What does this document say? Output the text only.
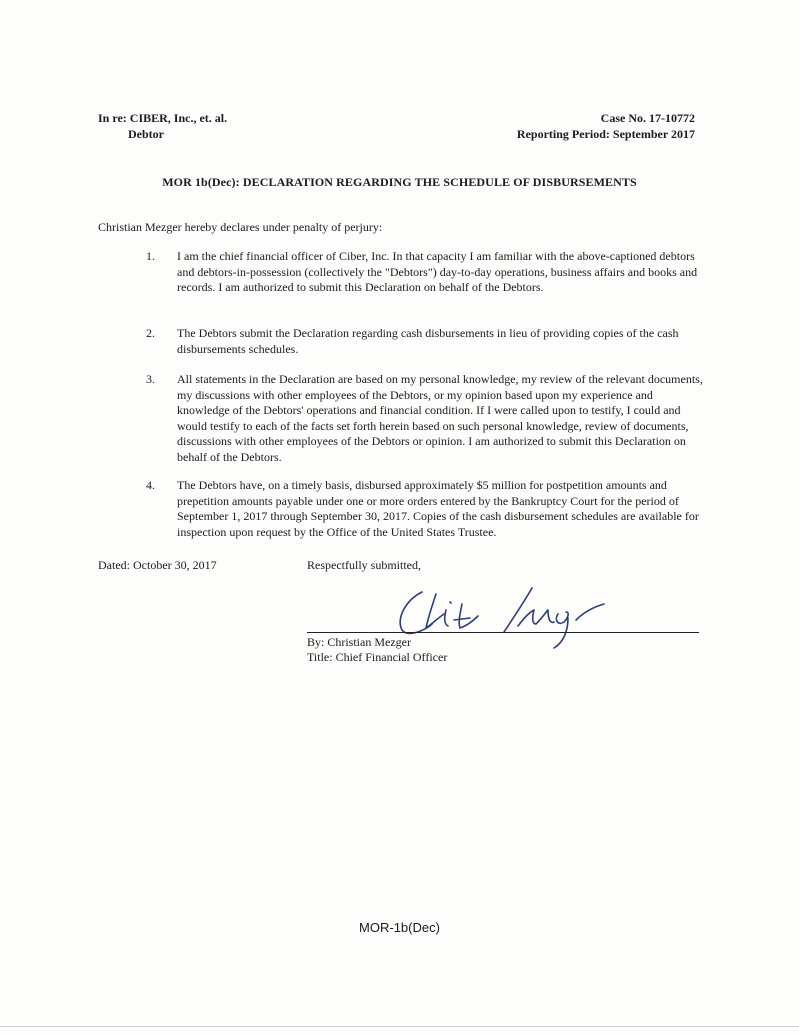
In re: CIBER, Inc., et. al.
Debtor
Case No. 17-10772
Reporting Period: September 2017
MOR 1b(Dec): DECLARATION REGARDING THE SCHEDULE OF DISBURSEMENTS
Christian Mezger hereby declares under penalty of perjury:
1. I am the chief financial officer of Ciber, Inc. In that capacity I am familiar with the above-captioned debtors and debtors-in-possession (collectively the "Debtors") day-to-day operations, business affairs and books and records. I am authorized to submit this Declaration on behalf of the Debtors.
2. The Debtors submit the Declaration regarding cash disbursements in lieu of providing copies of the cash disbursements schedules.
3. All statements in the Declaration are based on my personal knowledge, my review of the relevant documents, my discussions with other employees of the Debtors, or my opinion based upon my experience and knowledge of the Debtors' operations and financial condition. If I were called upon to testify, I could and would testify to each of the facts set forth herein based on such personal knowledge, review of documents, discussions with other employees of the Debtors or opinion. I am authorized to submit this Declaration on behalf of the Debtors.
4. The Debtors have, on a timely basis, disbursed approximately $5 million for postpetition amounts and prepetition amounts payable under one or more orders entered by the Bankruptcy Court for the period of September 1, 2017 through September 30, 2017. Copies of the cash disbursement schedules are available for inspection upon request by the Office of the United States Trustee.
Dated: October 30, 2017	Respectfully submitted,
By: Christian Mezger
Title: Chief Financial Officer
MOR-1b(Dec)
